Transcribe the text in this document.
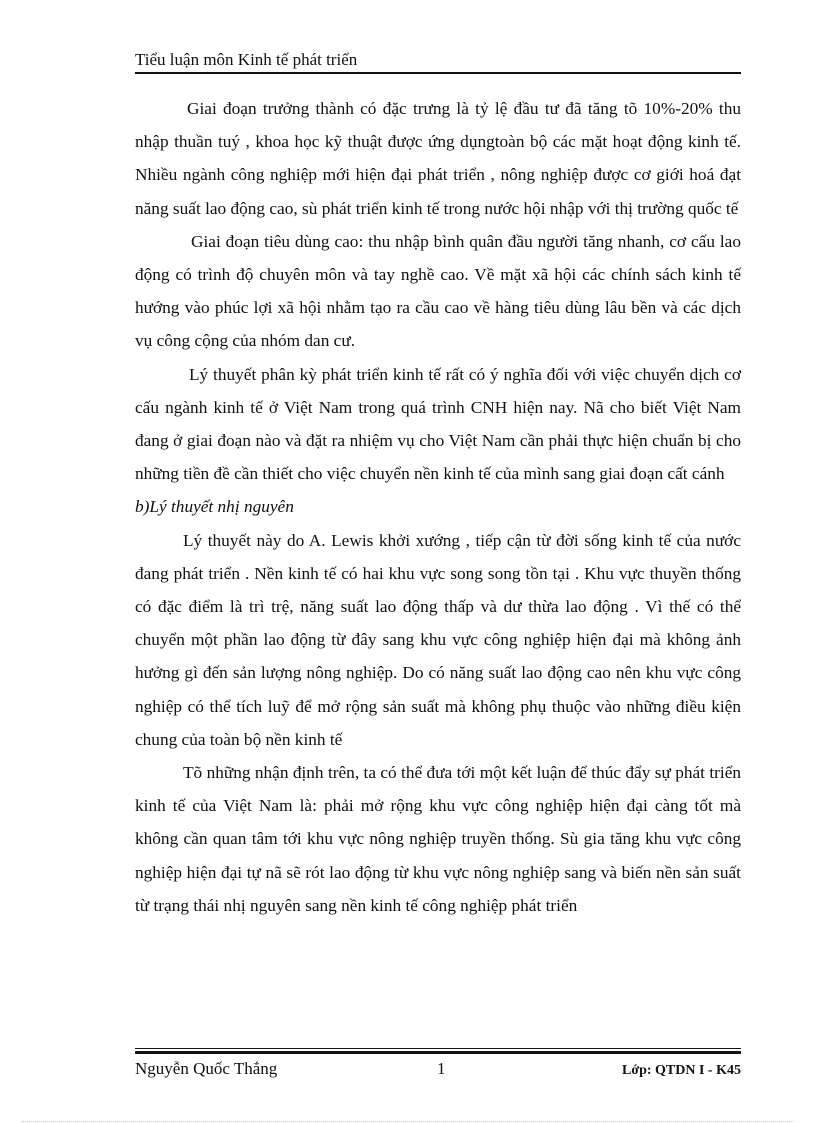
Tiểu luận môn Kinh tế phát triển

Giai đoạn trưởng thành có đặc trưng là tỷ lệ đầu tư đã tăng tõ 10%-20% thu nhập thuần tuý , khoa học kỹ thuật được ứng dụngtoàn bộ các mặt hoạt động kinh tế. Nhiều ngành công nghiệp mới hiện đại phát triển , nông nghiệp được cơ giới hoá đạt năng suất lao động cao, sù phát triển kinh tế trong nước hội nhập với thị trường quốc tế

Giai đoạn tiêu dùng cao: thu nhập bình quân đầu người tăng nhanh, cơ cấu lao động có trình độ chuyên môn và tay nghề cao. Về mặt xã hội các chính sách kinh tế hướng vào phúc lợi xã hội nhằm tạo ra cầu cao về hàng tiêu dùng lâu bền và các dịch vụ công cộng của nhóm dan cư.

Lý thuyết phân kỳ phát triển kinh tế rất có ý nghĩa đối với việc chuyển dịch cơ cấu ngành kinh tế ở Việt Nam trong quá trình CNH hiện nay. Nã cho biết Việt Nam đang ở giai đoạn nào và đặt ra nhiệm vụ cho Việt Nam cần phải thực hiện chuẩn bị cho những tiền đề cần thiết cho việc chuyển nền kinh tế của mình sang giai đoạn cất cánh

b)Lý thuyết nhị nguyên

Lý thuyết này do A. Lewis khởi xướng , tiếp cận từ đời sống kinh tế của nước đang phát triển . Nền kinh tế có hai khu vực song song tồn tại . Khu vực thuyền thống có đặc điểm là trì trệ, năng suất lao động thấp và dư thừa lao động . Vì thế có thể chuyển một phần lao động từ đây sang khu vực công nghiệp hiện đại mà không ảnh hưởng gì đến sản lượng nông nghiệp. Do có năng suất lao động cao nên khu vực công nghiệp có thể tích luỹ để mở rộng sản suất mà không phụ thuộc vào những điều kiện chung của toàn bộ nền kinh tế

Tõ những nhận định trên, ta có thể đưa tới một kết luận để thúc đẩy sự phát triển kinh tế của Việt Nam là: phải mở rộng khu vực công nghiệp hiện đại càng tốt mà không cần quan tâm tới khu vực nông nghiệp truyền thống. Sù gia tăng khu vực công nghiệp hiện đại tự nã sẽ rót lao động từ khu vực nông nghiệp sang và biến nền sản suất từ trạng thái nhị nguyên sang nền kinh tế công nghiệp phát triển

Nguyễn Quốc Thắng	1	Lớp: QTDN I - K45
